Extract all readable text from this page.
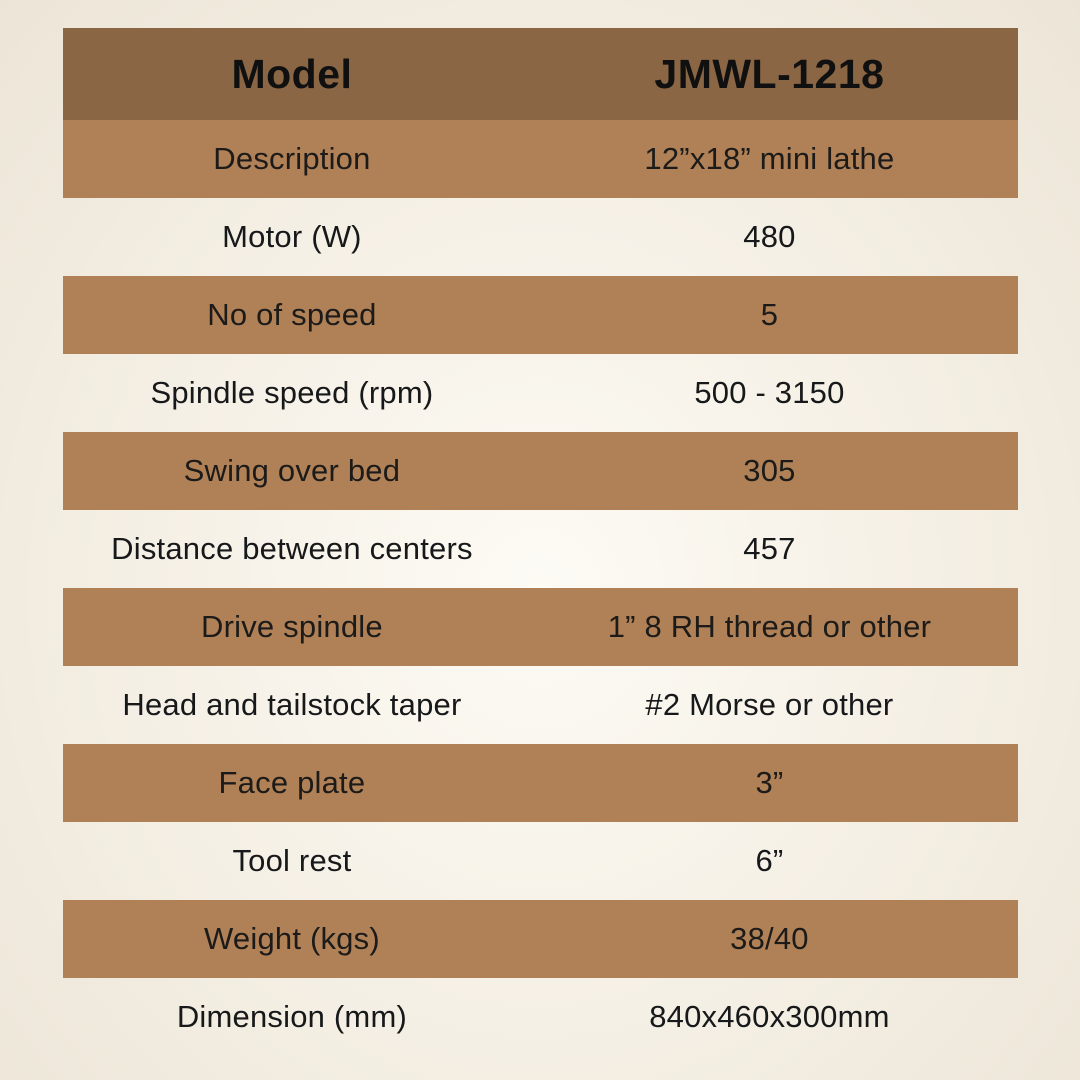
Model	JMWL-1218
Description	12”x18” mini lathe
Motor (W)	480
No of speed	5
Spindle speed (rpm)	500 - 3150
Swing over bed	305
Distance between centers	457
Drive spindle	1” 8 RH thread or other
Head and tailstock taper	#2 Morse or other
Face plate	3”
Tool rest	6”
Weight (kgs)	38/40
Dimension (mm)	840x460x300mm
